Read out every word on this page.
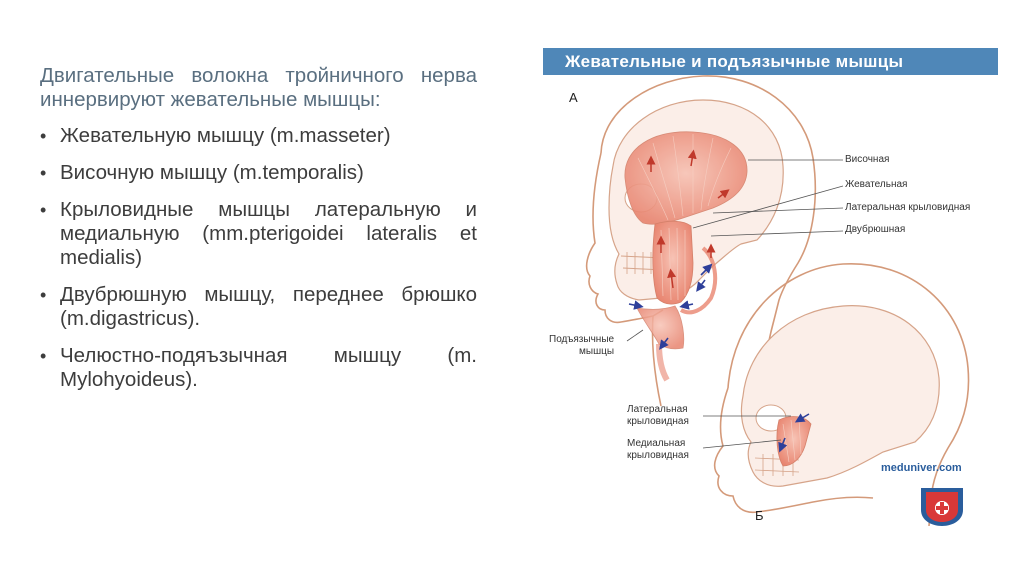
Двигательные волокна тройничного нерва иннервируют жевательные мышцы:

• Жевательную мышцу (m.masseter)
• Височную мышцу (m.temporalis)
• Крыловидные мышцы латеральную и медиальную (mm.pterigoidei lateralis et medialis)
• Двубрюшную мышцу, переднее брюшко (m.digastricus).
• Челюстно-подяъзычная мышцу (m. Mylohyoideus).
Жевательные и подъязычные мышцы
А
Б
Височная
Жевательная
Латеральная крыловидная
Двубрюшная
Подъязычные
мышцы
Латеральная
крыловидная
Медиальная
крыловидная
meduniver.com
